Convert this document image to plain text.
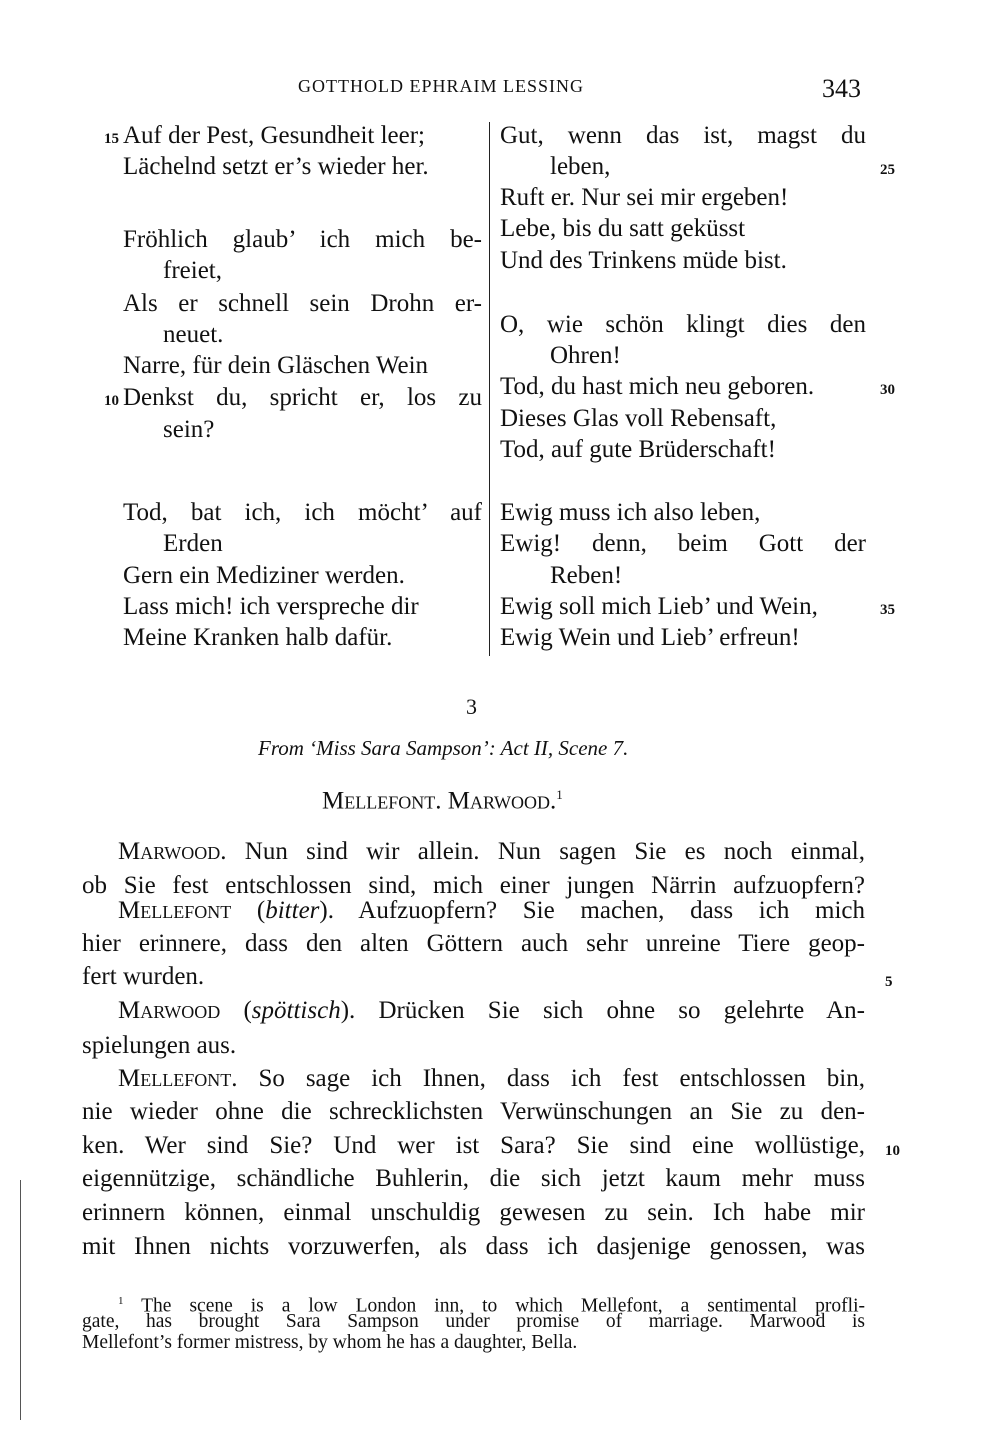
GOTTHOLD EPHRAIM LESSING	343
Auf der Pest, Gesundheit leer;
15
Lächelnd setzt er’s wieder her.
Fröhlich glaub’ ich mich be-
freiet,
Als er schnell sein Drohn er-
neuet.
Narre, für dein Gläschen Wein
Denkst du, spricht er, los zu
10
sein?
Tod, bat ich, ich möcht’ auf
Erden
Gern ein Mediziner werden.
Lass mich! ich verspreche dir
Meine Kranken halb dafür.
Gut, wenn das ist, magst du
leben,	25
Ruft er. Nur sei mir ergeben!
Lebe, bis du satt geküsst
Und des Trinkens müde bist.
O, wie schön klingt dies den
Ohren!
Tod, du hast mich neu geboren.	30
Dieses Glas voll Rebensaft,
Tod, auf gute Brüderschaft!
Ewig muss ich also leben,
Ewig! denn, beim Gott der
Reben!
Ewig soll mich Lieb’ und Wein,	35
Ewig Wein und Lieb’ erfreun!
3
From ‘Miss Sara Sampson’: Act II, Scene 7.
Mellefont. Marwood.$^1$
Marwood. Nun sind wir allein. Nun sagen Sie es noch einmal,
ob Sie fest entschlossen sind, mich einer jungen Närrin aufzuopfern?
Mellefont (bitter). Aufzuopfern? Sie machen, dass ich mich
hier erinnere, dass den alten Göttern auch sehr unreine Tiere geop-
fert wurden.	5
Marwood (spöttisch). Drücken Sie sich ohne so gelehrte An-
spielungen aus.
Mellefont. So sage ich Ihnen, dass ich fest entschlossen bin,
nie wieder ohne die schrecklichsten Verwünschungen an Sie zu den-
ken. Wer sind Sie? Und wer ist Sara? Sie sind eine wollüstige, 10
eigennützige, schändliche Buhlerin, die sich jetzt kaum mehr muss
erinnern können, einmal unschuldig gewesen zu sein. Ich habe mir
mit Ihnen nichts vorzuwerfen, als dass ich dasjenige genossen, was
$^1$ The scene is a low London inn, to which Mellefont, a sentimental profli-
gate, has brought Sara Sampson under promise of marriage. Marwood is
Mellefont’s former mistress, by whom he has a daughter, Bella.
